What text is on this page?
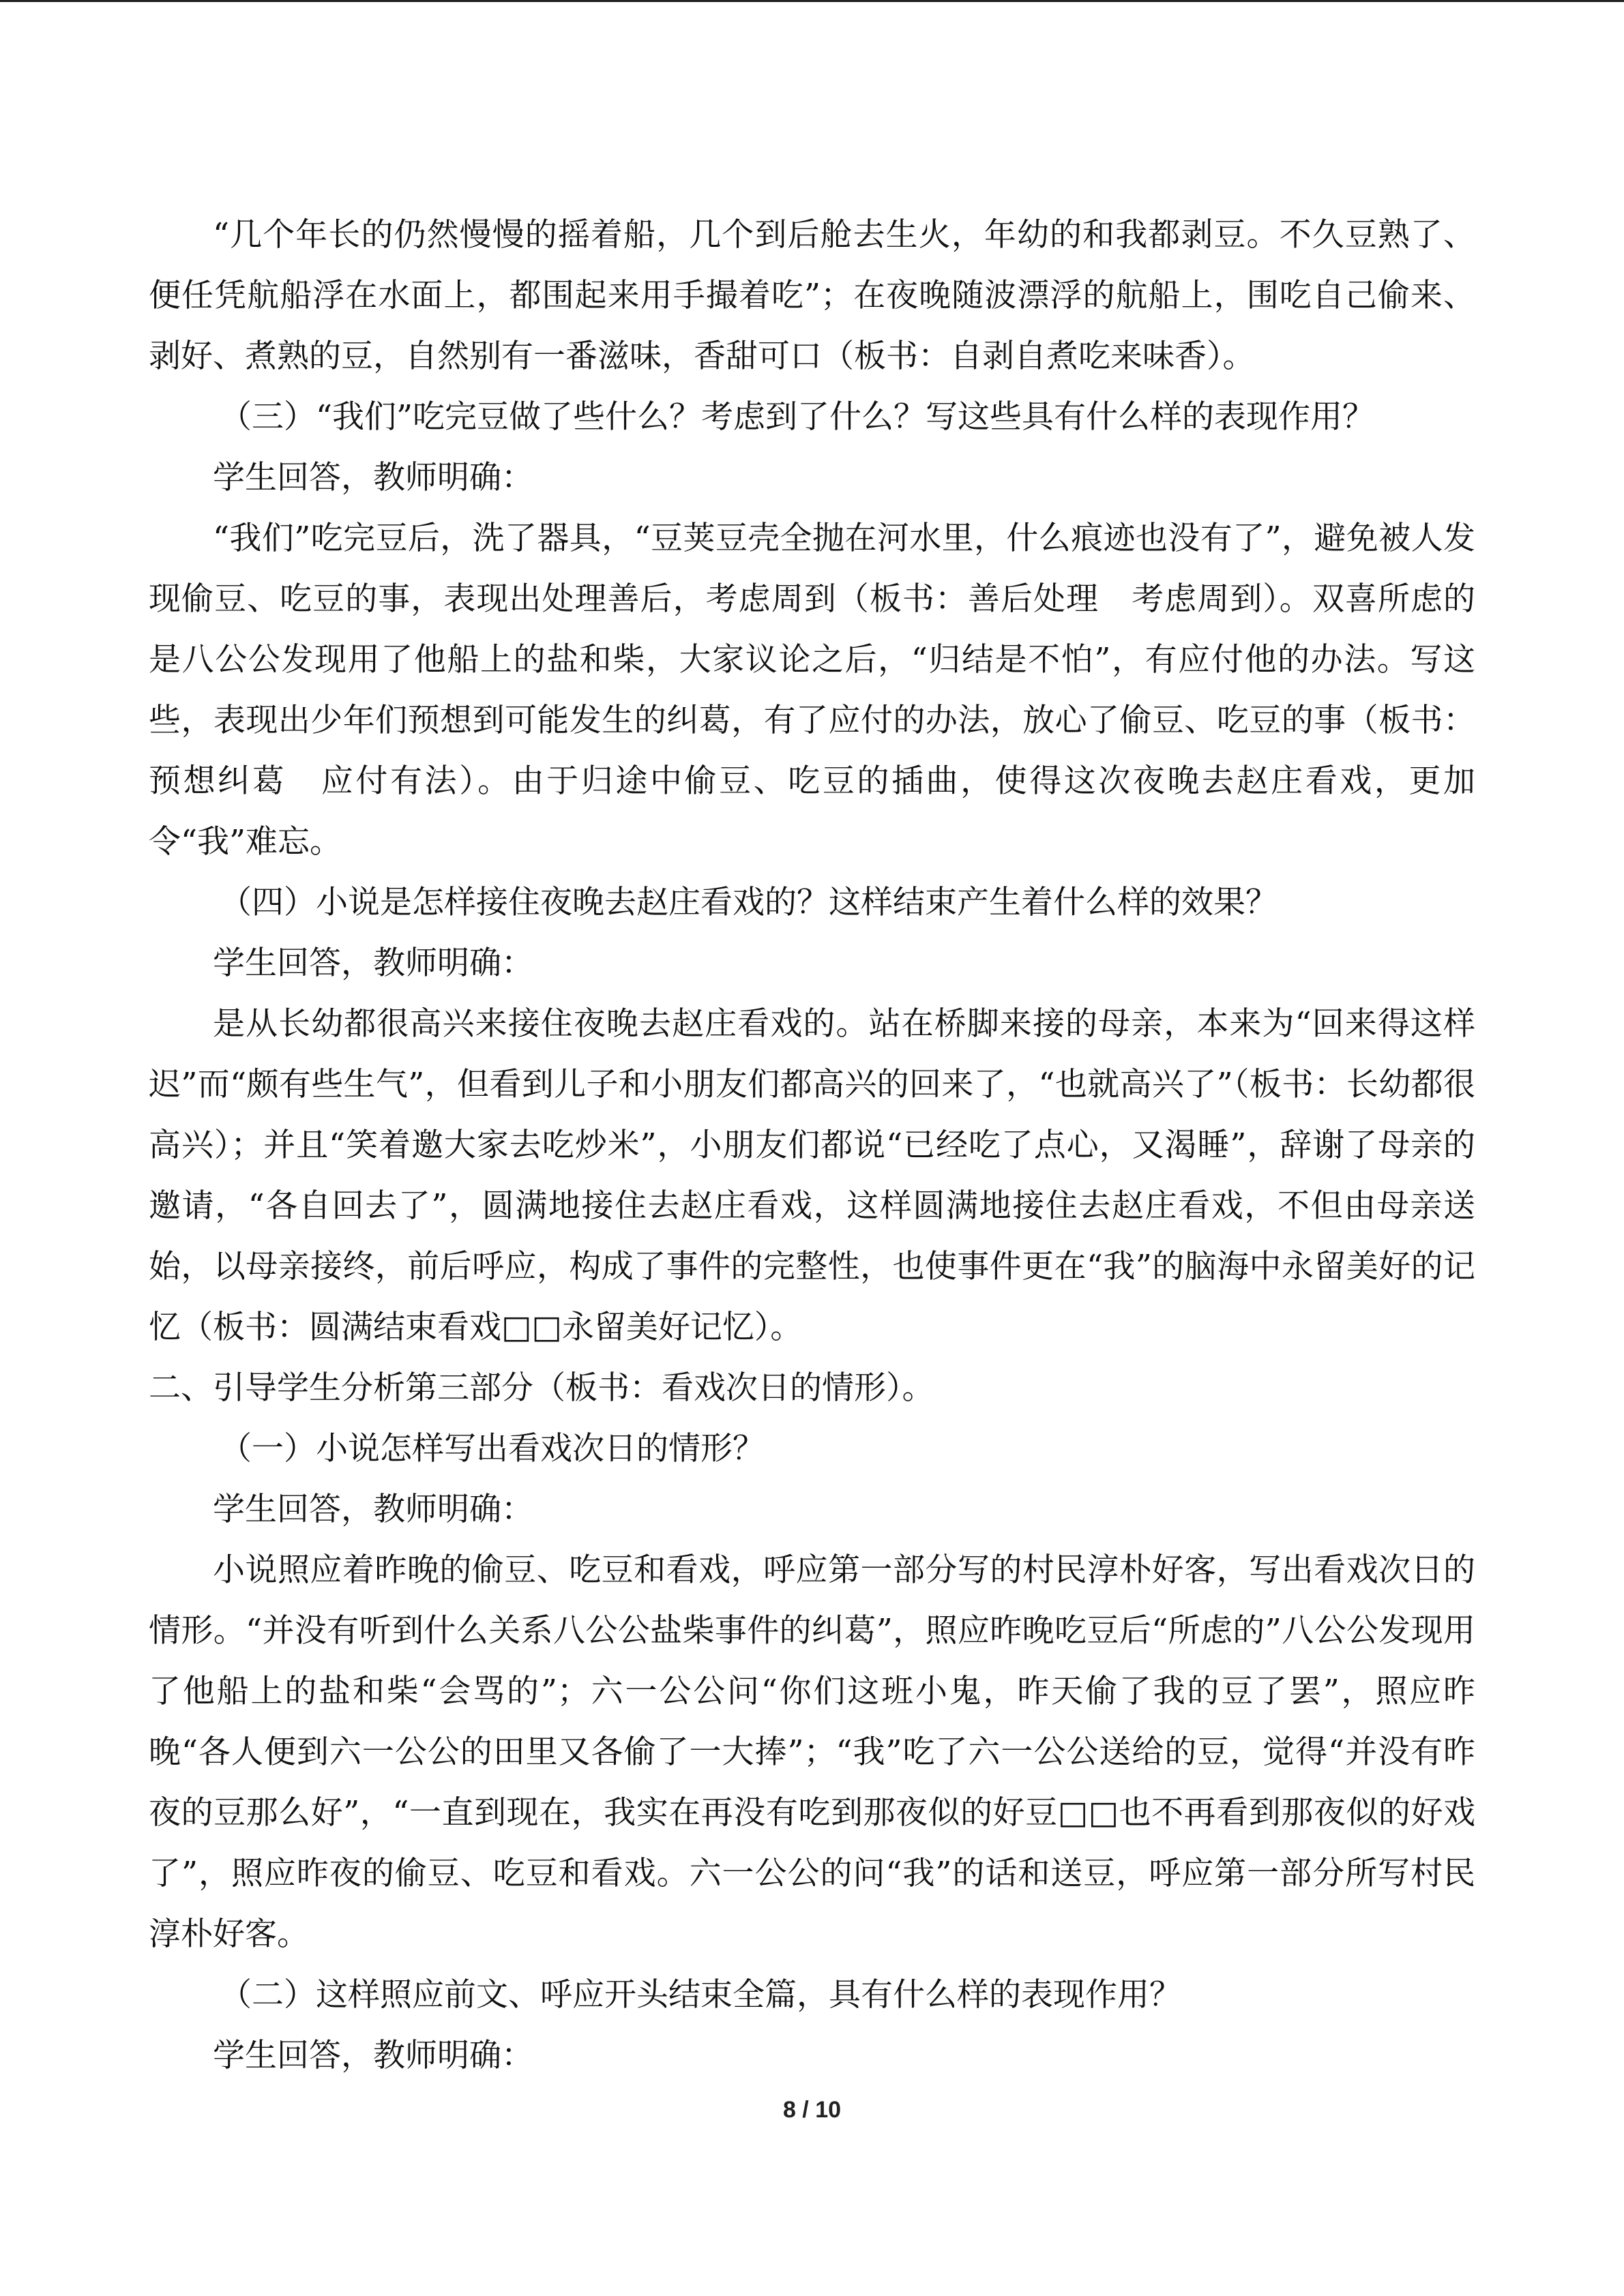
“几个年长的仍然慢慢的摇着船，几个到后舱去生火，年幼的和我都剥豆。不久豆熟了、便任凭航船浮在水面上，都围起来用手撮着吃”；在夜晚随波漂浮的航船上，围吃自己偷来、剥好、煮熟的豆，自然别有一番滋味，香甜可口（板书：自剥自煮吃来味香）。

（三）“我们”吃完豆做了些什么？考虑到了什么？写这些具有什么样的表现作用？

学生回答，教师明确：

“我们”吃完豆后，洗了器具，“豆荚豆壳全抛在河水里，什么痕迹也没有了”，避免被人发现偷豆、吃豆的事，表现出处理善后，考虑周到（板书：善后处理　考虑周到）。双喜所虑的是八公公发现用了他船上的盐和柴，大家议论之后，“归结是不怕”，有应付他的办法。写这些，表现出少年们预想到可能发生的纠葛，有了应付的办法，放心了偷豆、吃豆的事（板书：预想纠葛　应付有法）。由于归途中偷豆、吃豆的插曲，使得这次夜晚去赵庄看戏，更加令“我”难忘。

（四）小说是怎样接住夜晚去赵庄看戏的？这样结束产生着什么样的效果？

学生回答，教师明确：

是从长幼都很高兴来接住夜晚去赵庄看戏的。站在桥脚来接的母亲，本来为“回来得这样迟”而“颇有些生气”，但看到儿子和小朋友们都高兴的回来了，“也就高兴了”（板书：长幼都很高兴）；并且“笑着邀大家去吃炒米”，小朋友们都说“已经吃了点心，又渴睡”，辞谢了母亲的邀请，“各自回去了”，圆满地接住去赵庄看戏，这样圆满地接住去赵庄看戏，不但由母亲送始，以母亲接终，前后呼应，构成了事件的完整性，也使事件更在“我”的脑海中永留美好的记忆（板书：圆满结束看戏□□永留美好记忆）。

二、引导学生分析第三部分（板书：看戏次日的情形）。

（一）小说怎样写出看戏次日的情形？

学生回答，教师明确：

小说照应着昨晚的偷豆、吃豆和看戏，呼应第一部分写的村民淳朴好客，写出看戏次日的情形。“并没有听到什么关系八公公盐柴事件的纠葛”，照应昨晚吃豆后“所虑的”八公公发现用了他船上的盐和柴“会骂的”；六一公公问“你们这班小鬼，昨天偷了我的豆了罢”，照应昨晚“各人便到六一公公的田里又各偷了一大捧”；“我”吃了六一公公送给的豆，觉得“并没有昨夜的豆那么好”，“一直到现在，我实在再没有吃到那夜似的好豆□□也不再看到那夜似的好戏了”，照应昨夜的偷豆、吃豆和看戏。六一公公的问“我”的话和送豆，呼应第一部分所写村民淳朴好客。

（二）这样照应前文、呼应开头结束全篇，具有什么样的表现作用？

学生回答，教师明确：

8 / 10
